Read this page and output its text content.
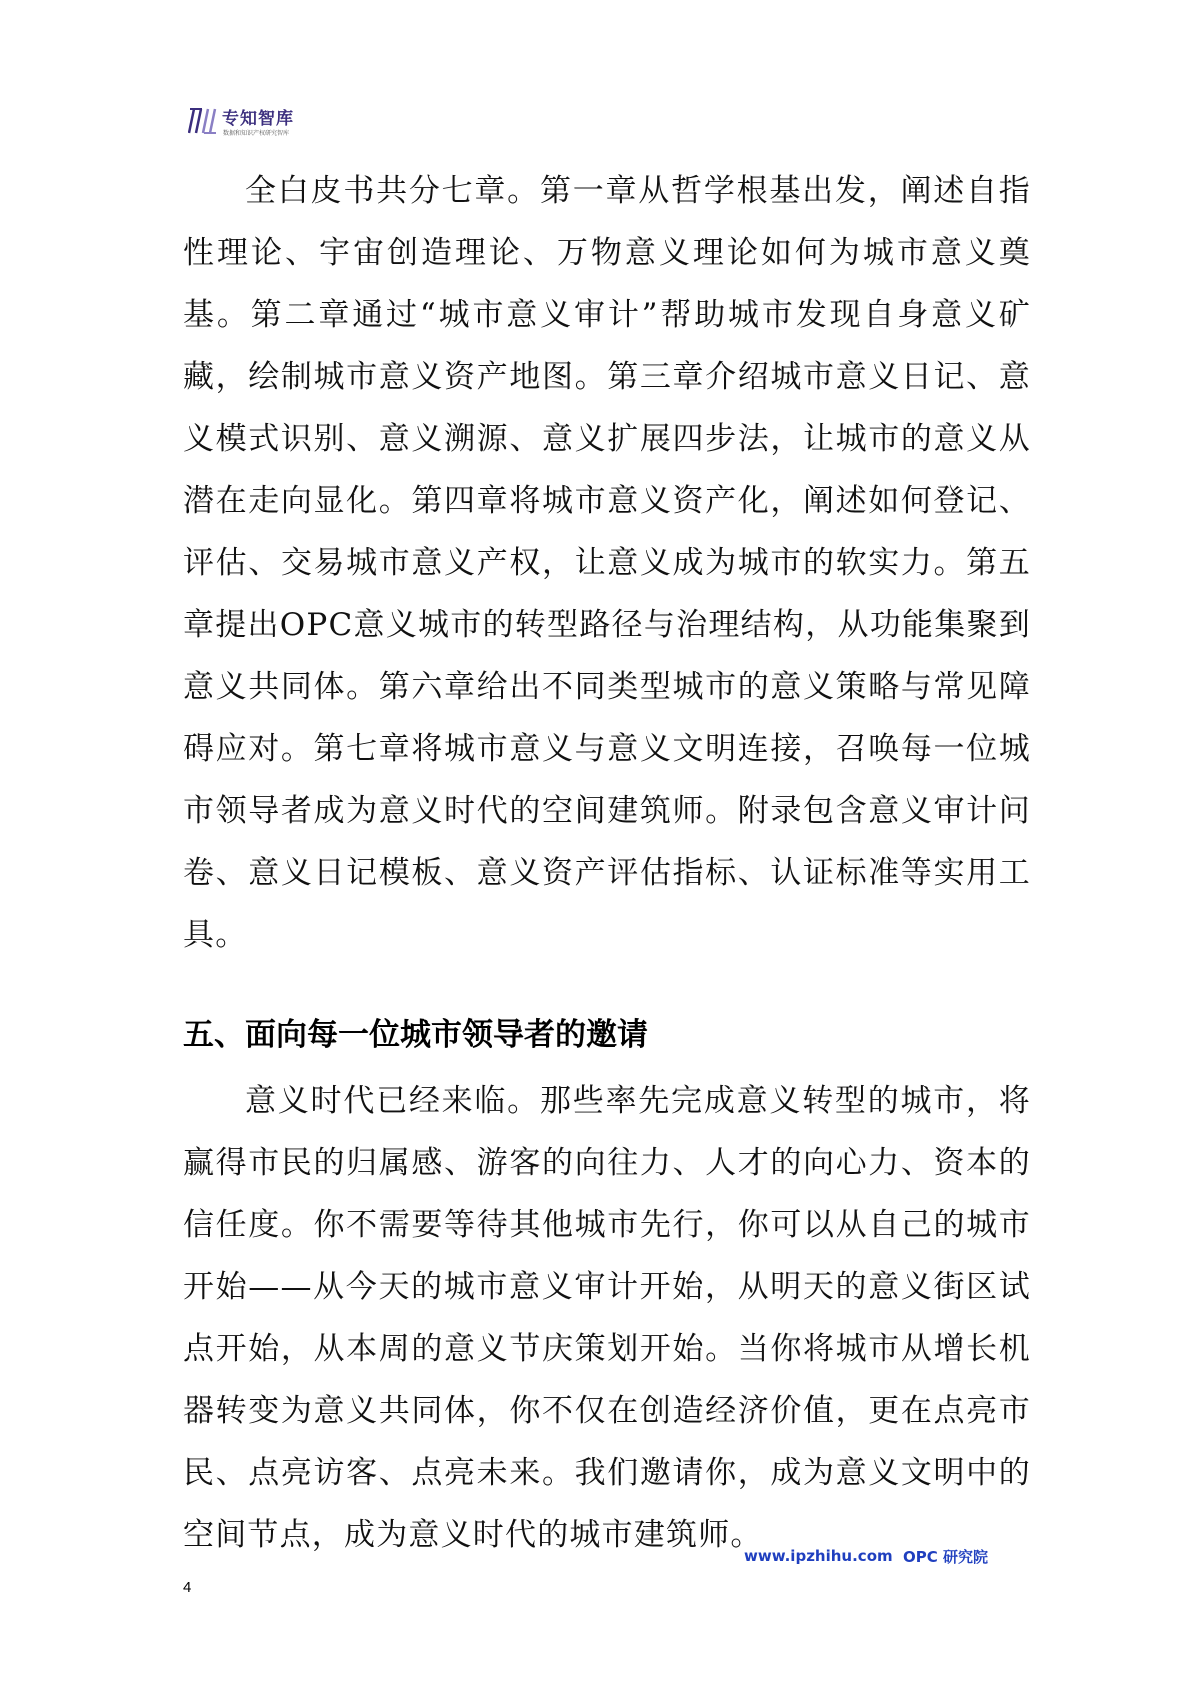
专知智库
数据和知识产权研究智库

全白皮书共分七章。第一章从哲学根基出发，阐述自指性理论、宇宙创造理论、万物意义理论如何为城市意义奠基。第二章通过“城市意义审计”帮助城市发现自身意义矿藏，绘制城市意义资产地图。第三章介绍城市意义日记、意义模式识别、意义溯源、意义扩展四步法，让城市的意义从潜在走向显化。第四章将城市意义资产化，阐述如何登记、评估、交易城市意义产权，让意义成为城市的软实力。第五章提出OPC意义城市的转型路径与治理结构，从功能集聚到意义共同体。第六章给出不同类型城市的意义策略与常见障碍应对。第七章将城市意义与意义文明连接，召唤每一位城市领导者成为意义时代的空间建筑师。附录包含意义审计问卷、意义日记模板、意义资产评估指标、认证标准等实用工具。

五、面向每一位城市领导者的邀请

意义时代已经来临。那些率先完成意义转型的城市，将赢得市民的归属感、游客的向往力、人才的向心力、资本的信任度。你不需要等待其他城市先行，你可以从自己的城市开始——从今天的城市意义审计开始，从明天的意义街区试点开始，从本周的意义节庆策划开始。当你将城市从增长机器转变为意义共同体，你不仅在创造经济价值，更在点亮市民、点亮访客、点亮未来。我们邀请你，成为意义文明中的空间节点，成为意义时代的城市建筑师。

www.ipzhihu.com OPC 研究院
4
